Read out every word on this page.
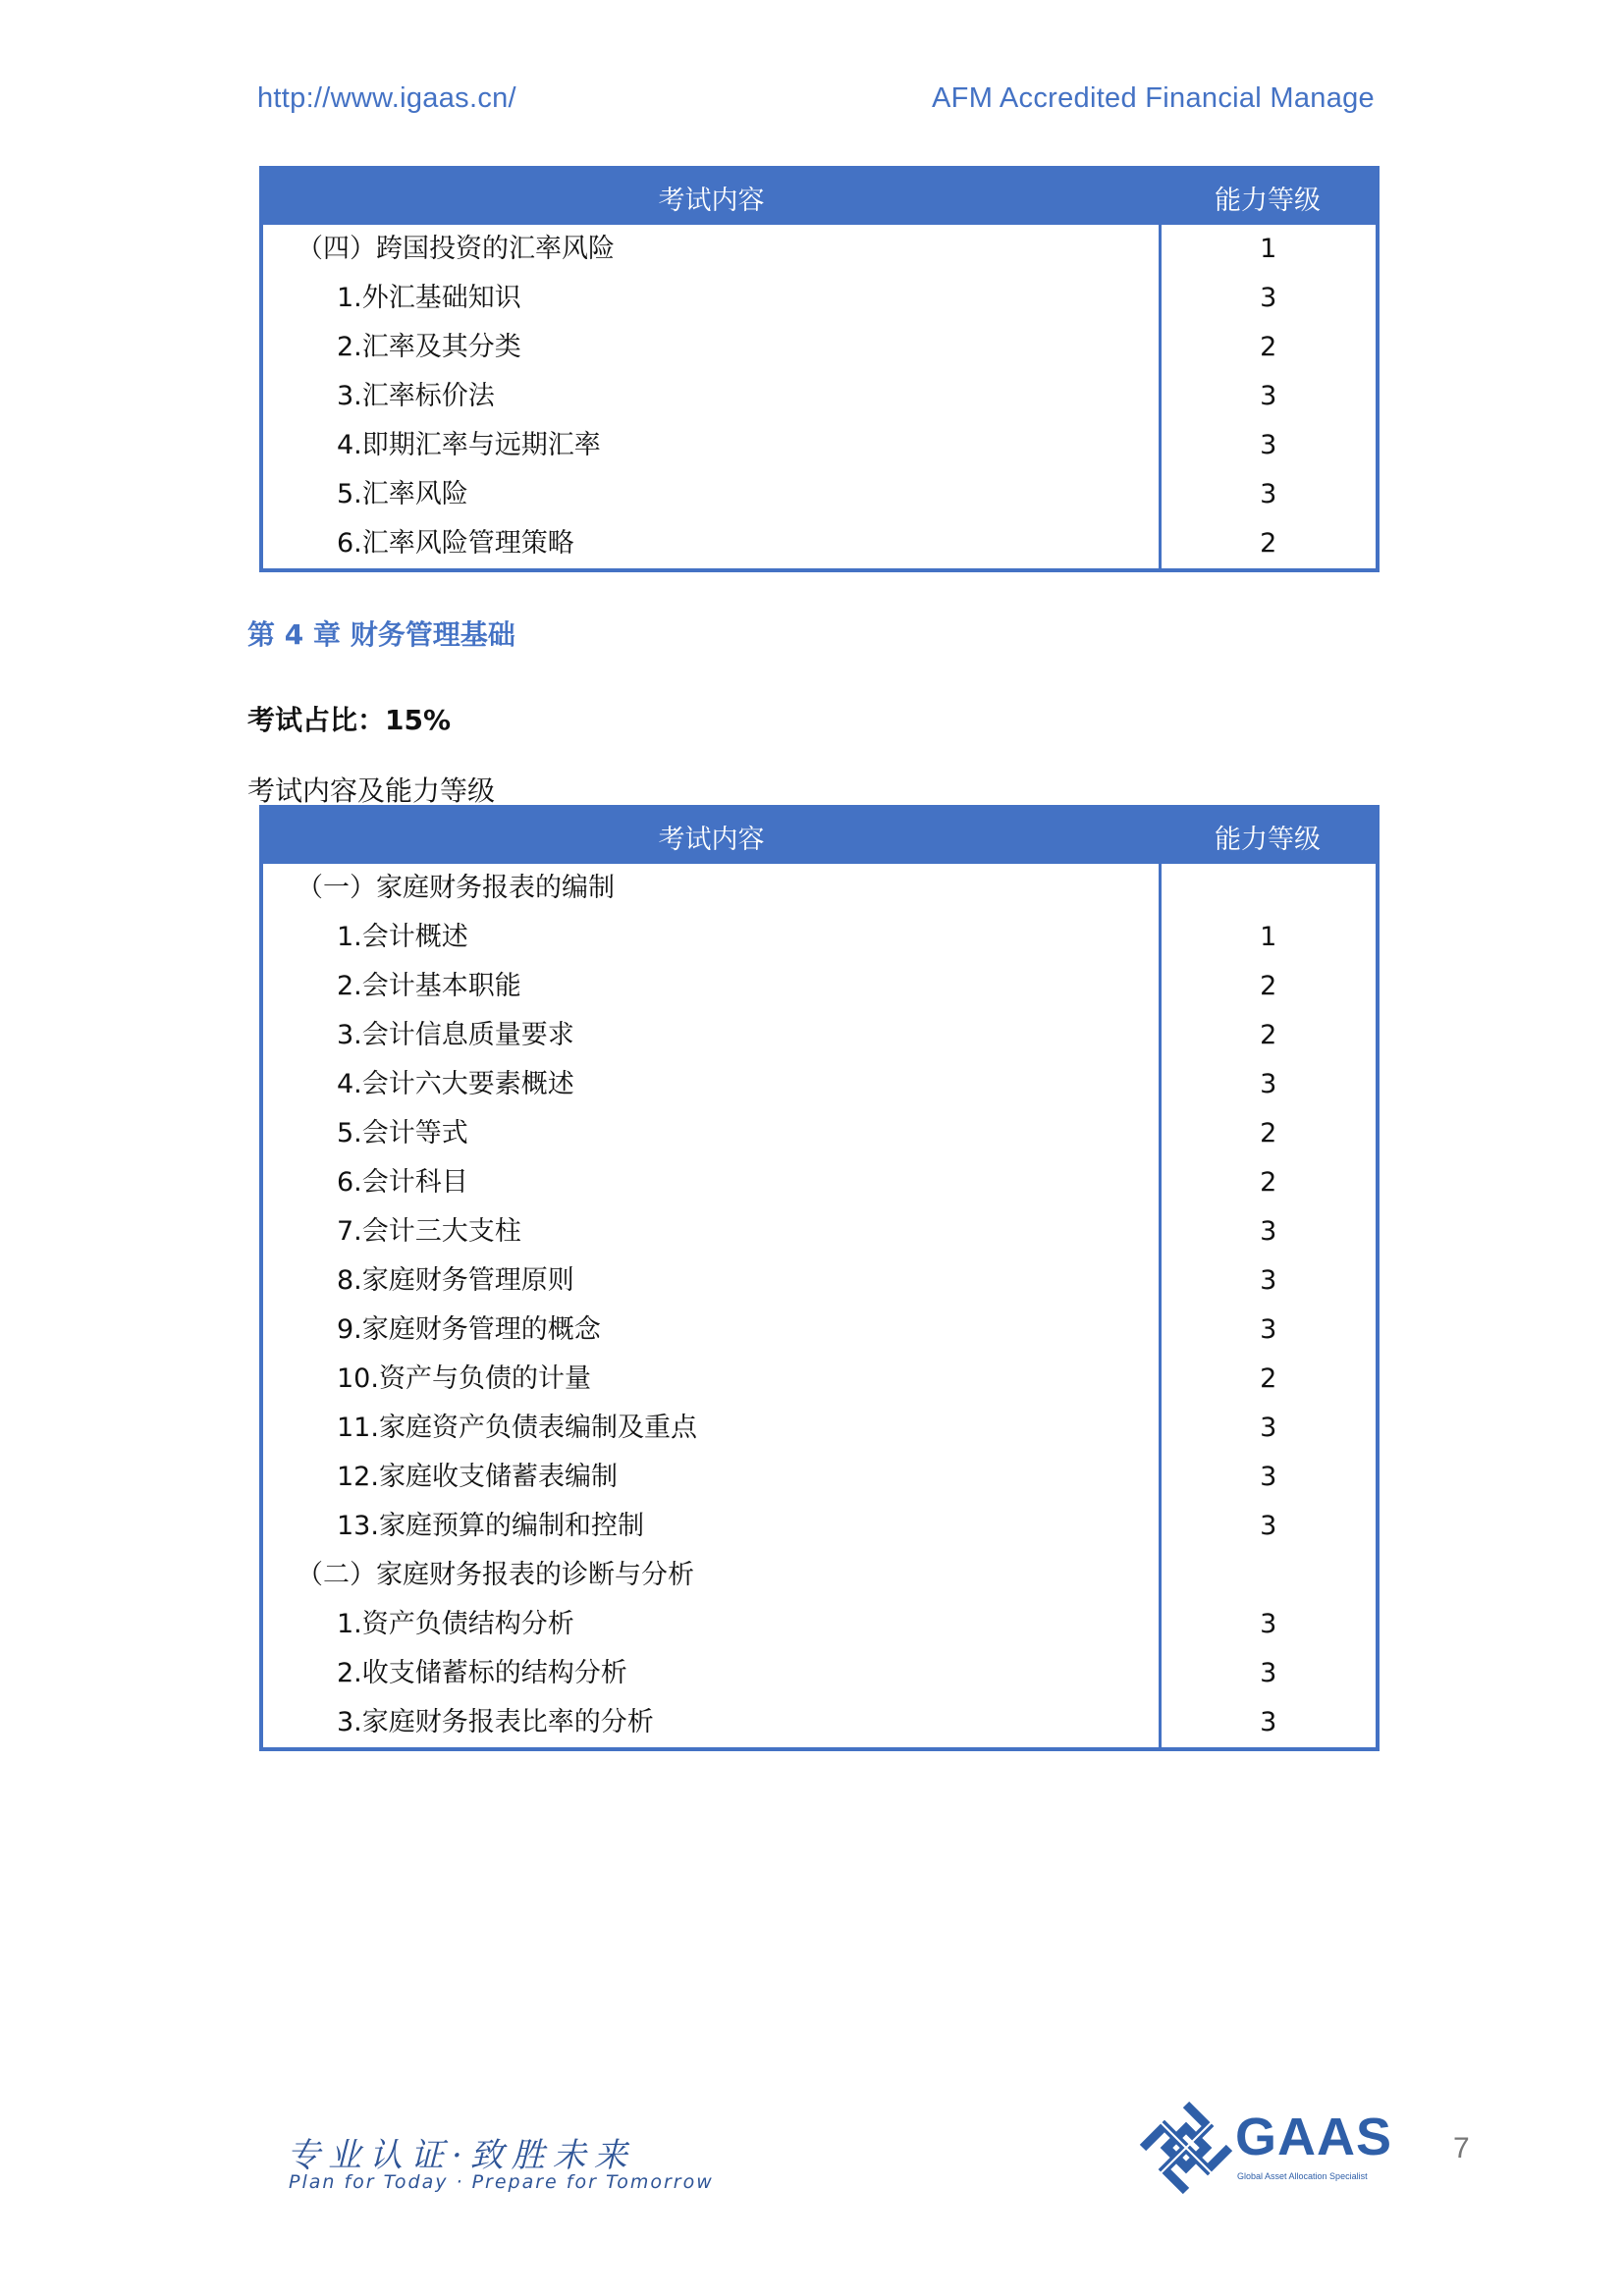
http://www.igaas.cn/	AFM Accredited Financial Manage
考试内容	能力等级
（四）跨国投资的汇率风险	1
1.外汇基础知识	3
2.汇率及其分类	2
3.汇率标价法	3
4.即期汇率与远期汇率	3
5.汇率风险	3
6.汇率风险管理策略	2
第 4 章 财务管理基础
考试占比：15%
考试内容及能力等级
考试内容	能力等级
（一）家庭财务报表的编制	
1.会计概述	1
2.会计基本职能	2
3.会计信息质量要求	2
4.会计六大要素概述	3
5.会计等式	2
6.会计科目	2
7.会计三大支柱	3
8.家庭财务管理原则	3
9.家庭财务管理的概念	3
10.资产与负债的计量	2
11.家庭资产负债表编制及重点	3
12.家庭收支储蓄表编制	3
13.家庭预算的编制和控制	3
（二）家庭财务报表的诊断与分析	
1.资产负债结构分析	3
2.收支储蓄标的结构分析	3
3.家庭财务报表比率的分析	3
专业认证·致胜未来
Plan for Today · Prepare for Tomorrow
GAAS
Global Asset Allocation Specialist
7
